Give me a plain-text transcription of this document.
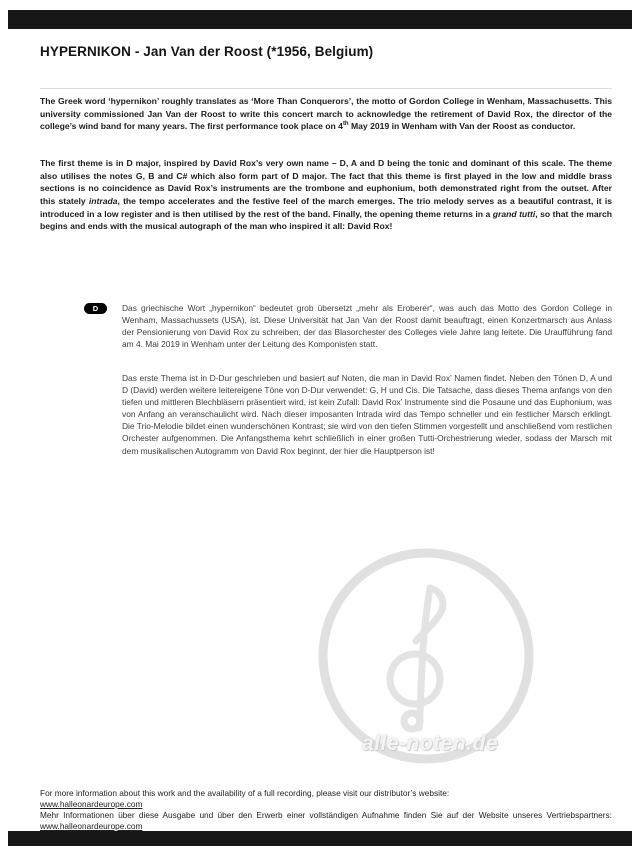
HYPERNIKON - Jan Van der Roost (*1956, Belgium)

The Greek word ‘hypernikon’ roughly translates as ‘More Than Conquerors’, the motto of Gordon College in Wenham, Massachusetts. This university commissioned Jan Van der Roost to write this concert march to acknowledge the retirement of David Rox, the director of the college’s wind band for many years. The first performance took place on 4th May 2019 in Wenham with Van der Roost as conductor.

The first theme is in D major, inspired by David Rox’s very own name – D, A and D being the tonic and dominant of this scale. The theme also utilises the notes G, B and C# which also form part of D major. The fact that this theme is first played in the low and middle brass sections is no coincidence as David Rox’s instruments are the trombone and euphonium, both demonstrated right from the outset. After this stately intrada, the tempo accelerates and the festive feel of the march emerges. The trio melody serves as a beautiful contrast, it is introduced in a low register and is then utilised by the rest of the band. Finally, the opening theme returns in a grand tutti, so that the march begins and ends with the musical autograph of the man who inspired it all: David Rox!

D	Das griechische Wort „hypernikon“ bedeutet grob übersetzt „mehr als Eroberer“, was auch das Motto des Gordon College in Wenham, Massachussets (USA), ist. Diese Universität hat Jan Van der Roost damit beauftragt, einen Konzertmarsch aus Anlass der Pensionierung von David Rox zu schreiben, der das Blasorchester des Colleges viele Jahre lang leitete. Die Uraufführung fand am 4. Mai 2019 in Wenham unter der Leitung des Komponisten statt.

Das erste Thema ist in D-Dur geschrieben und basiert auf Noten, die man in David Rox’ Namen findet. Neben den Tönen D, A und D (David) werden weitere leitereigene Töne von D-Dur verwendet: G, H und Cis. Die Tatsache, dass dieses Thema anfangs von den tiefen und mittleren Blechbläsern präsentiert wird, ist kein Zufall: David Rox’ Instrumente sind die Posaune und das Euphonium, was von Anfang an veranschaulicht wird. Nach dieser imposanten Intrada wird das Tempo schneller und ein festlicher Marsch erklingt. Die Trio-Melodie bildet einen wunderschönen Kontrast; sie wird von den tiefen Stimmen vorgestellt und anschließend vom restlichen Orchester aufgenommen. Die Anfangsthema kehrt schließlich in einer großen Tutti-Orchestrierung wieder, sodass der Marsch mit dem musikalischen Autogramm von David Rox beginnt, der hier die Hauptperson ist!

alle-noten.de

For more information about this work and the availability of a full recording, please visit our distributor’s website:

www.halleonardeurope.com

Mehr Informationen über diese Ausgabe und über den Erwerb einer vollständigen Aufnahme finden Sie auf der Website unseres Vertriebspartners: www.halleonardeurope.com
